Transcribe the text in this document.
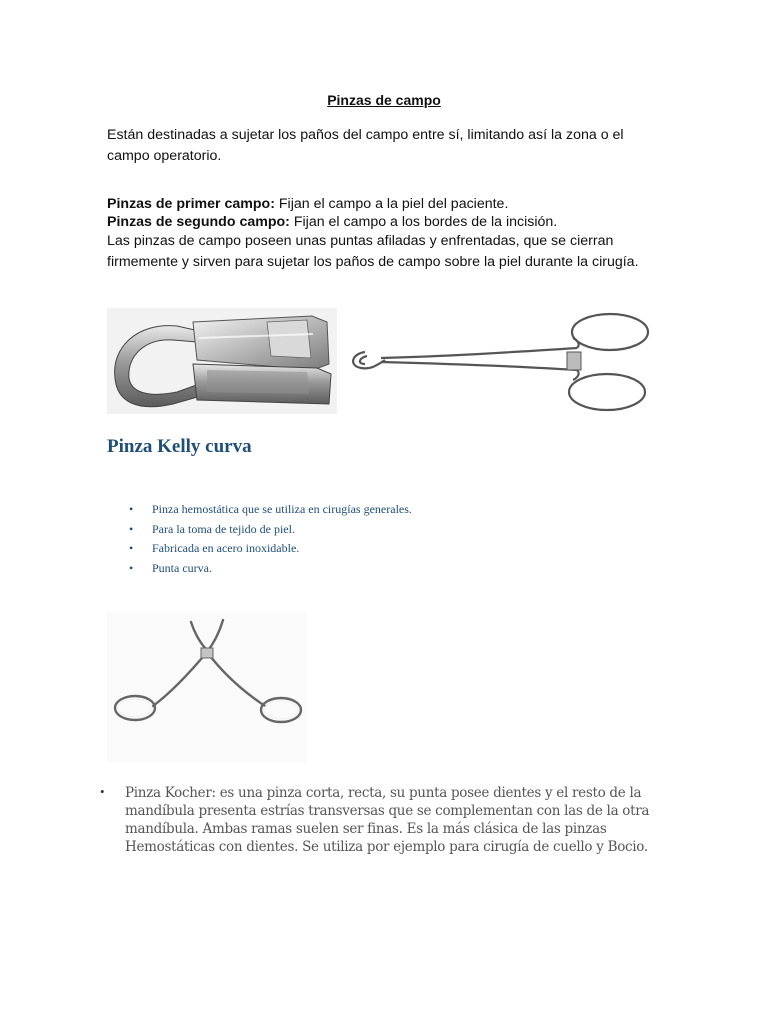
Pinzas de campo

Están destinadas a sujetar los paños del campo entre sí, limitando así la zona o el campo operatorio.

Pinzas de primer campo: Fijan el campo a la piel del paciente.
Pinzas de segundo campo: Fijan el campo a los bordes de la incisión.

Las pinzas de campo poseen unas puntas afiladas y enfrentadas, que se cierran firmemente y sirven para sujetar los paños de campo sobre la piel durante la cirugía.

Pinza Kelly curva
• Pinza hemostática que se utiliza en cirugías generales.
• Para la toma de tejido de piel.
• Fabricada en acero inoxidable.
• Punta curva.
• Pinza Kocher: es una pinza corta, recta, su punta posee dientes y el resto de la mandíbula presenta estrías transversas que se complementan con las de la otra mandíbula. Ambas ramas suelen ser finas. Es la más clásica de las pinzas Hemostáticas con dientes. Se utiliza por ejemplo para cirugía de cuello y Bocio.
